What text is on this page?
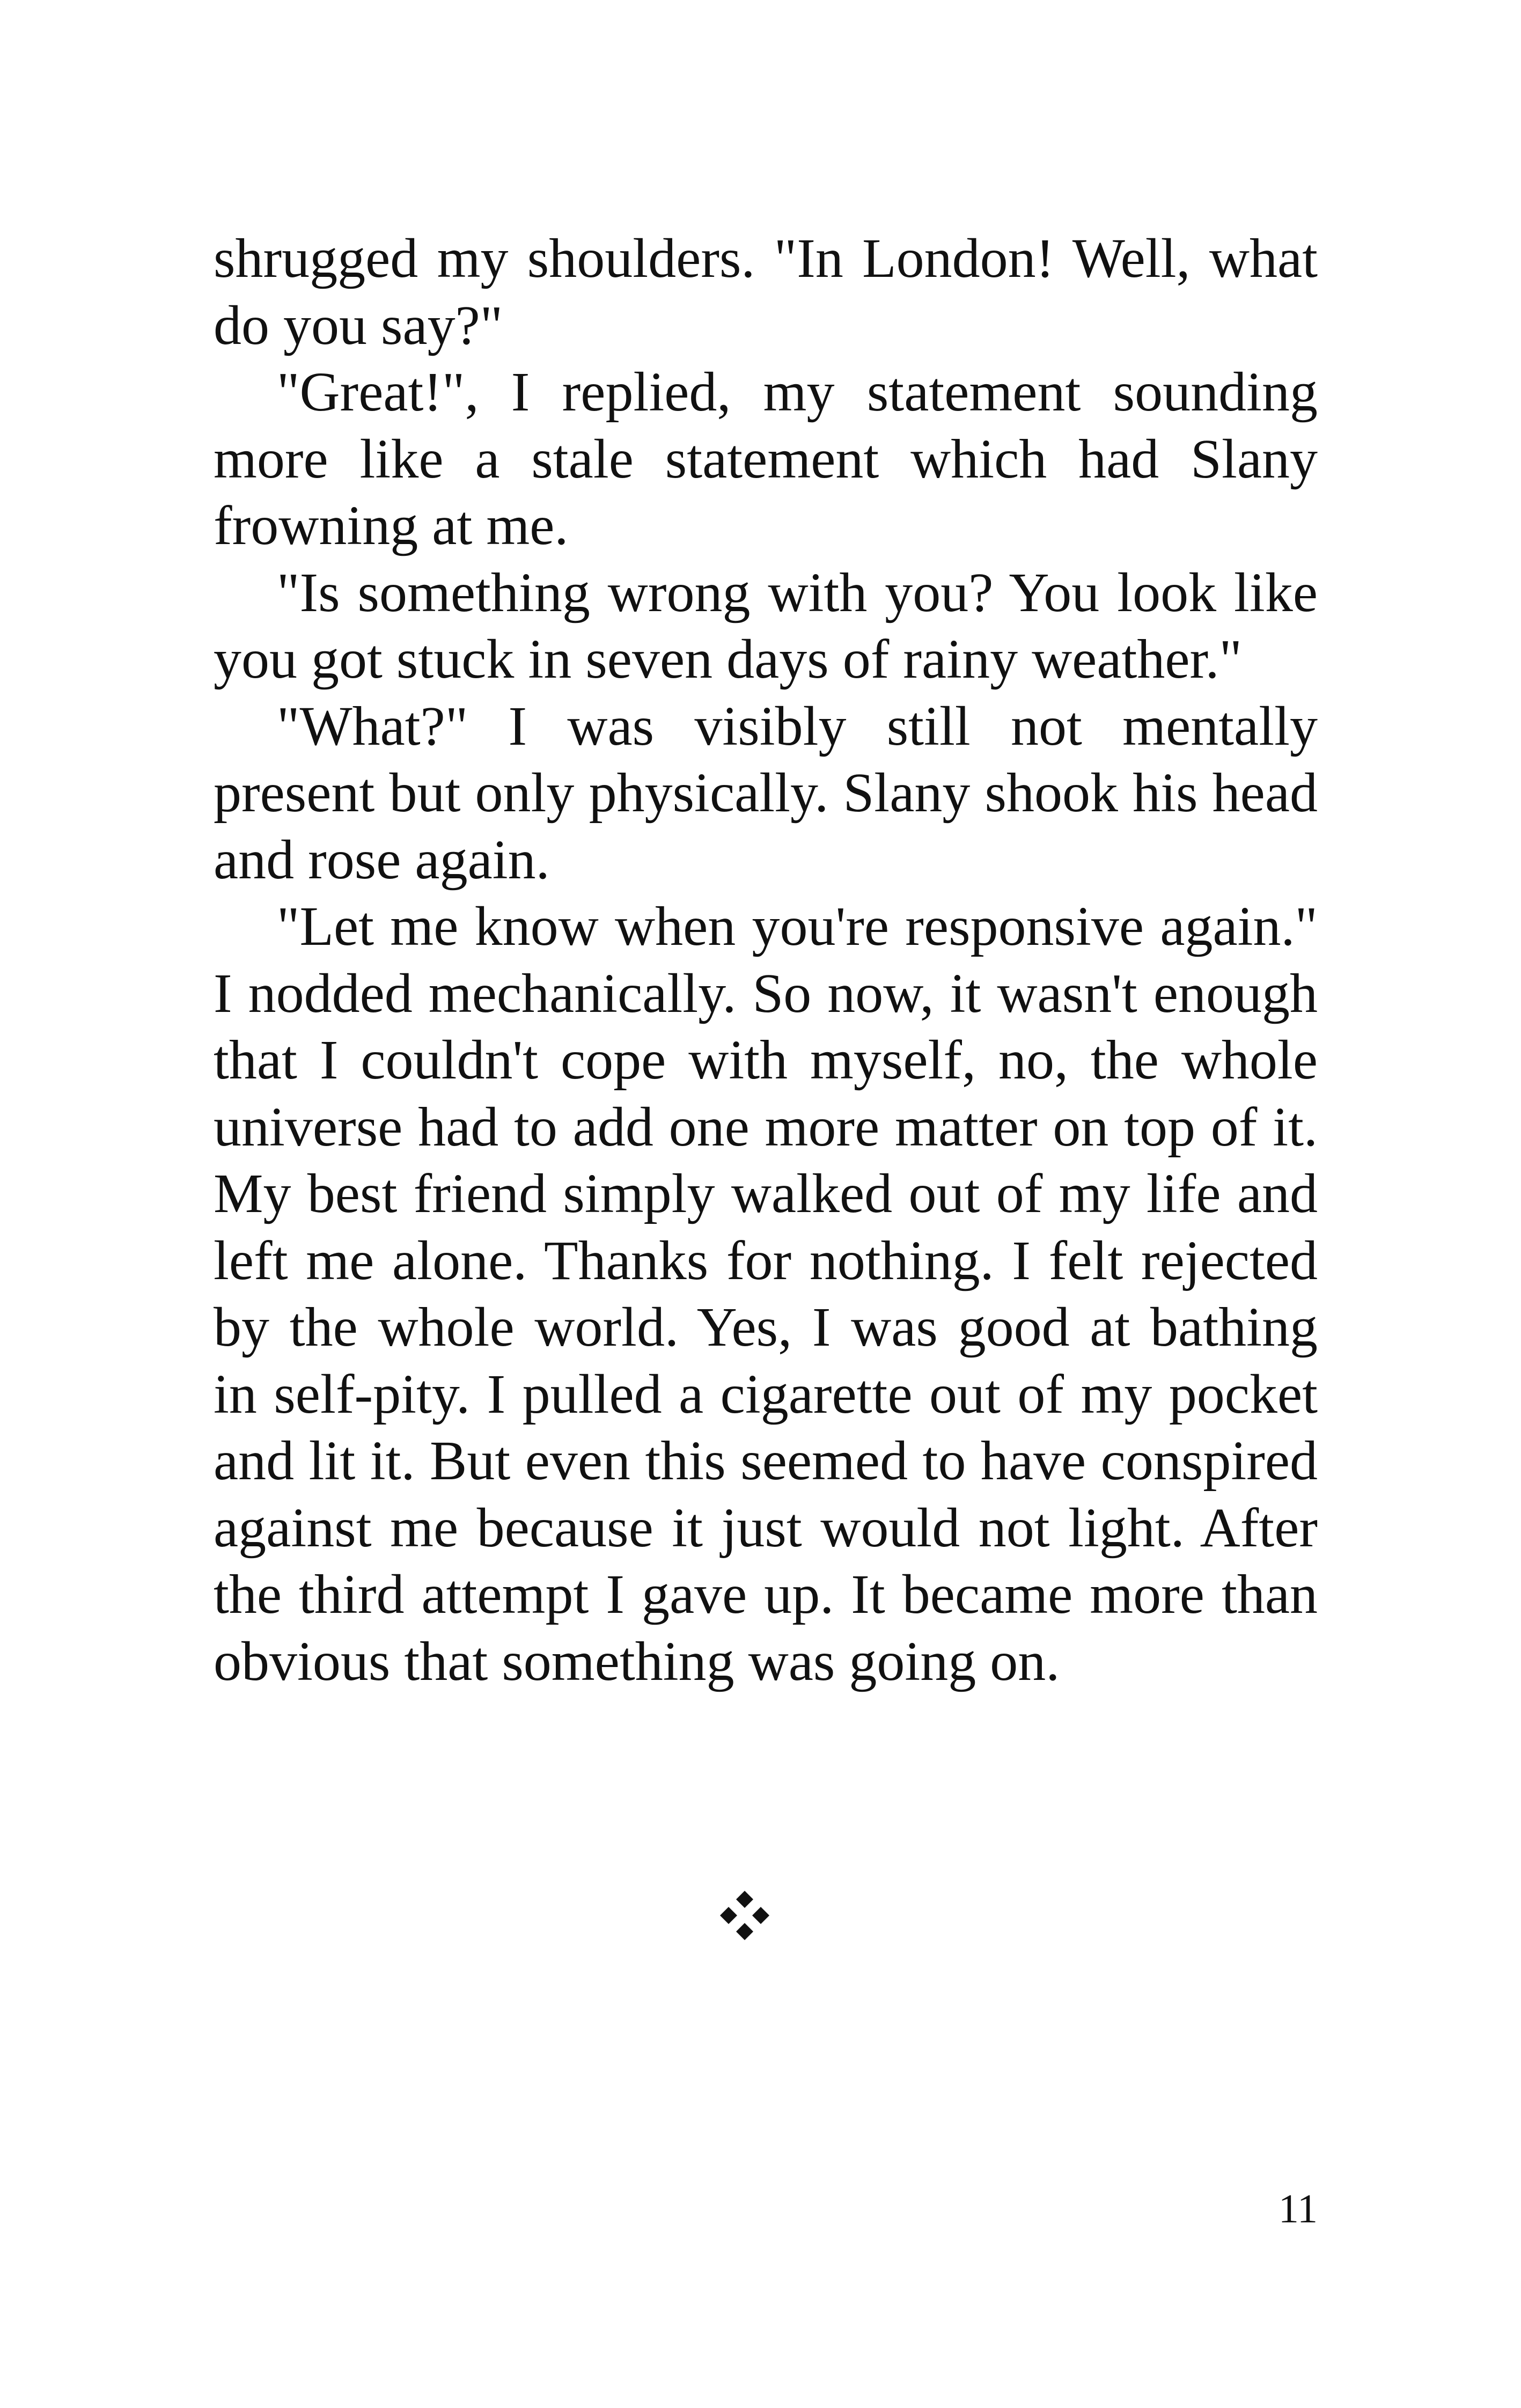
shrugged my shoulders. "In London! Well, what do you say?"

"Great!", I replied, my statement sounding more like a stale statement which had Slany frowning at me.

"Is something wrong with you? You look like you got stuck in seven days of rainy weather."

"What?" I was visibly still not mentally present but only physically. Slany shook his head and rose again.

"Let me know when you're responsive again." I nodded mechanically. So now, it wasn't enough that I couldn't cope with myself, no, the whole universe had to add one more matter on top of it. My best friend simply walked out of my life and left me alone. Thanks for nothing. I felt rejected by the whole world. Yes, I was good at bathing in self-pity. I pulled a cigarette out of my pocket and lit it. But even this seemed to have conspired against me because it just would not light. After the third attempt I gave up. It became more than obvious that something was going on.

11
